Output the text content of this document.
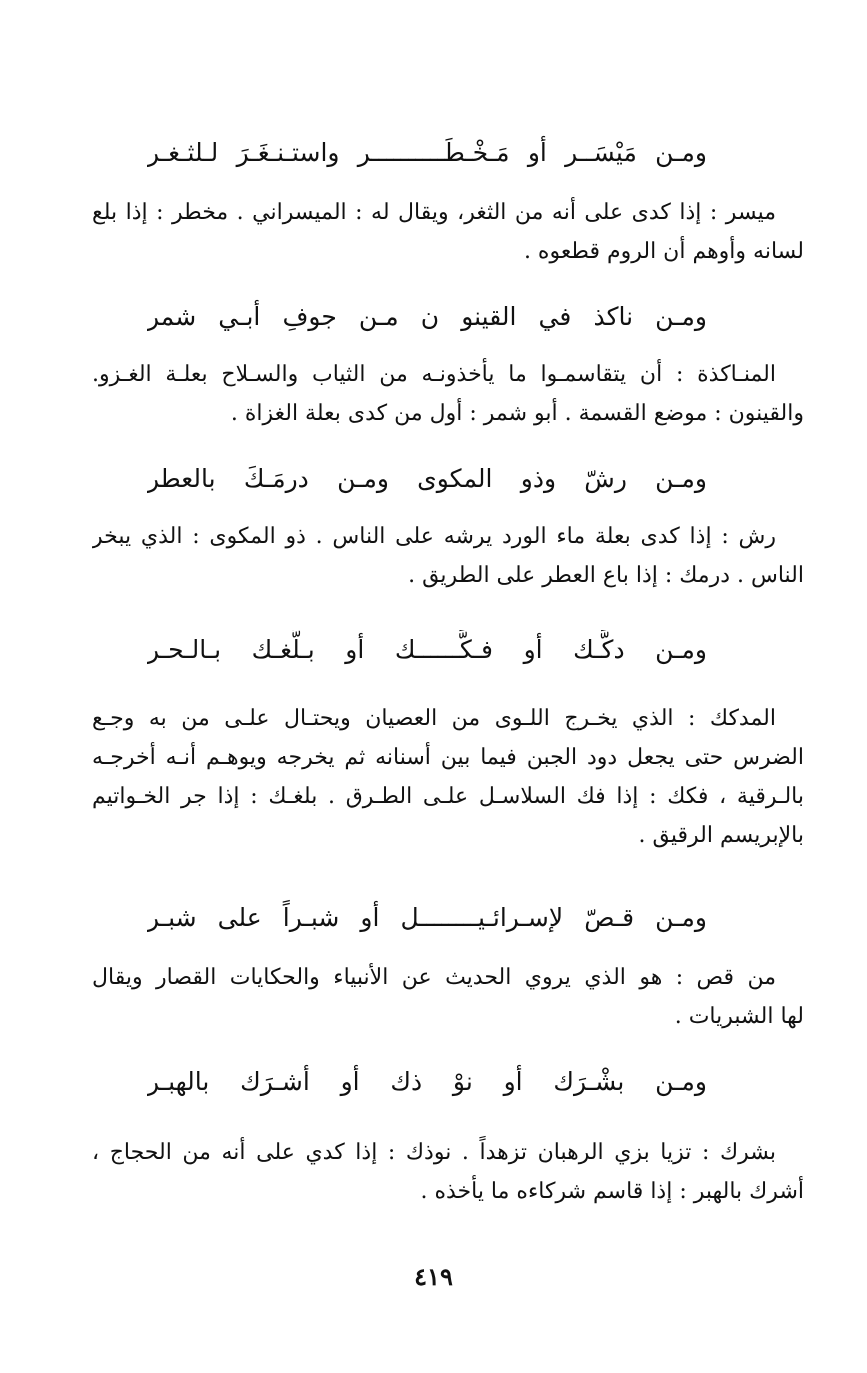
ومـن مَيْسَــر أو مَـخْـطَــــــــــر واستـنـغَـرَ لـلثـغـر
ميسر : إذا كدى على أنه من الثغر، ويقال له : الميسراني . مخطر : إذا بلع
لسانه وأوهم أن الروم قطعوه .
ومـن ناكذ في القينو ن مـن جوفِ أبـي شمر
المنـاكذة : أن يتقاسمـوا ما يأخذونـه من الثياب والسـلاح بعلـة الغـزو.
والقينون : موضع القسمة . أبو شمر : أول من كدى بعلة الغزاة .
ومـن رشّ وذو المكوى ومـن درمَـكَ بالعطر
رش : إذا كدى بعلة ماء الورد يرشه على الناس . ذو المكوى : الذي يبخر
الناس . درمك : إذا باع العطر على الطريق .
ومـن دكَّـك أو فـكَّــــــك أو بـلَّغـك بـالـحـر
المدكك : الذي يخـرج اللـوى من العصيان ويحتـال علـى من به وجـع
الضرس حتى يجعل دود الجبن فيما بين أسنانه ثم يخرجه ويوهـم أنـه أخرجـه
بالـرقية ، فكك : إذا فك السلاسـل علـى الطـرق . بلغـك : إذا جر الخـواتيم
بالإبريسم الرقيق .
ومـن قـصّ لإسـرائـيــــــــل أو شبـراً على شبـر
من قص : هو الذي يروي الحديث عن الأنبياء والحكايات القصار ويقال
لها الشبريات .
ومـن بشْـرَك أو نوْ ذك أو أشـرَك بالهبـر
بشرك : تزيا بزي الرهبان تزهداً . نوذك : إذا كدي على أنه من الحجاج ،
أشرك بالهبر : إذا قاسم شركاءه ما يأخذه .
٤١٩
